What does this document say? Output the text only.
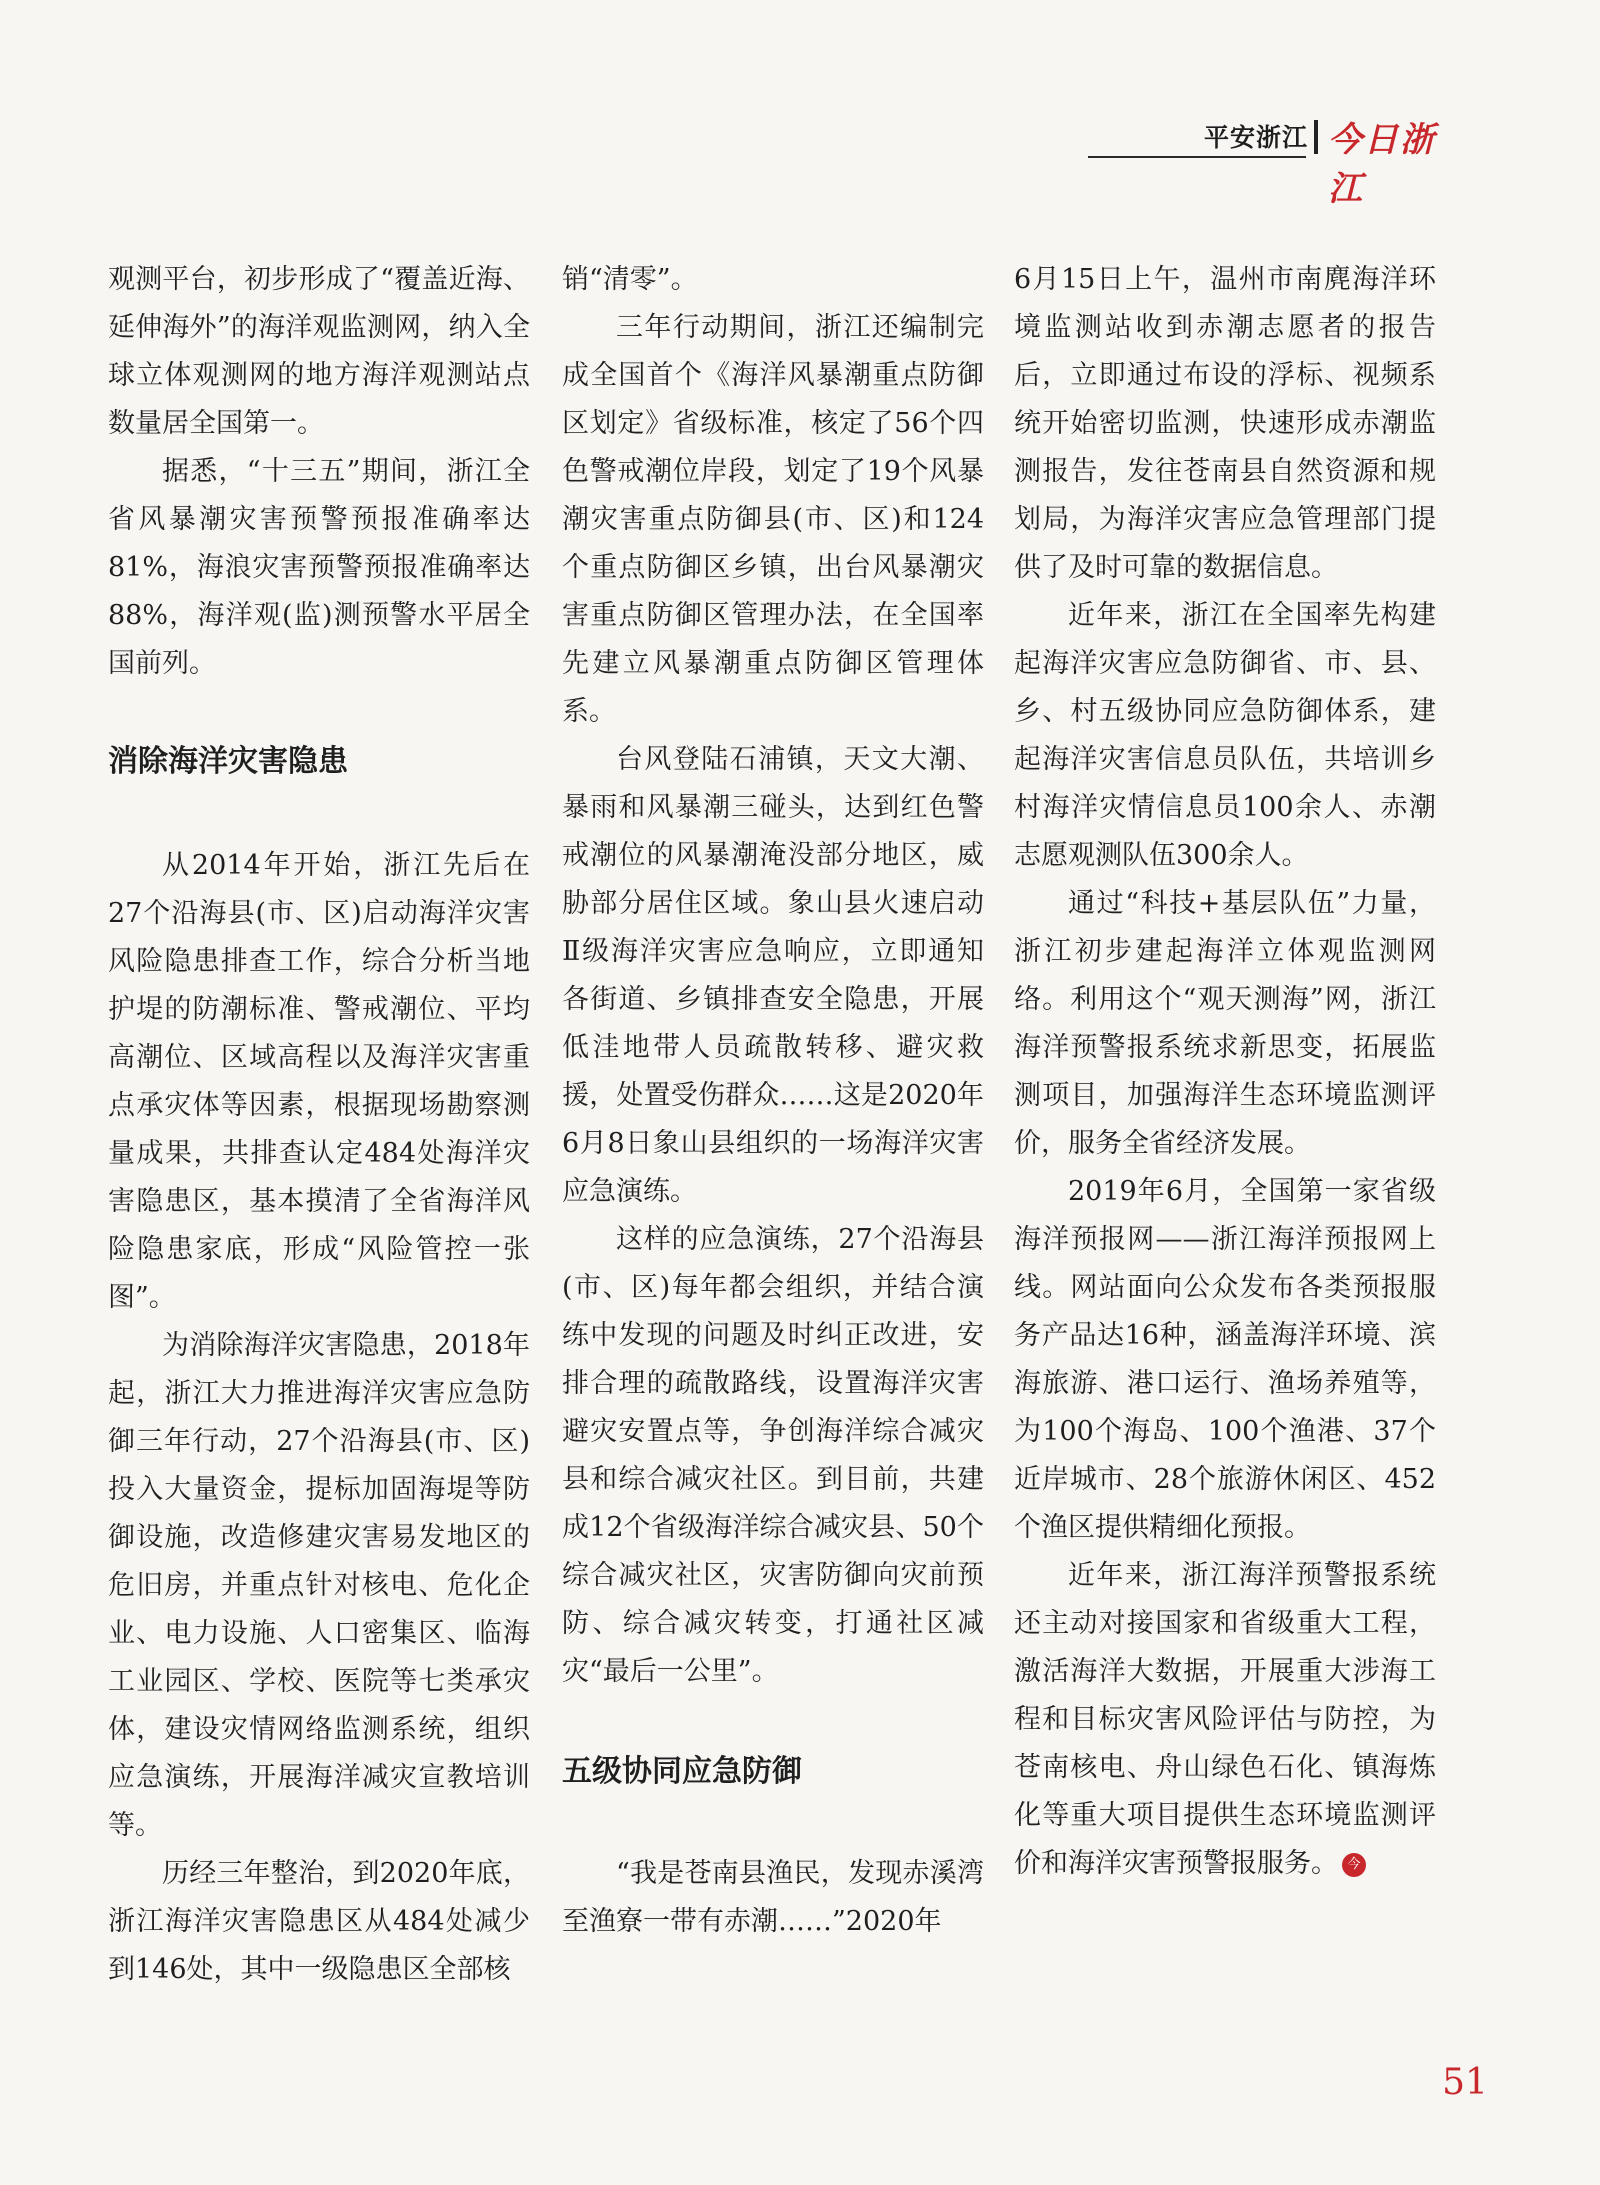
平安浙江 今日浙江

观测平台，初步形成了“覆盖近海、延伸海外”的海洋观监测网，纳入全球立体观测网的地方海洋观测站点数量居全国第一。

据悉，“十三五”期间，浙江全省风暴潮灾害预警预报准确率达81%，海浪灾害预警预报准确率达88%，海洋观(监)测预警水平居全国前列。

消除海洋灾害隐患

从2014年开始，浙江先后在27个沿海县(市、区)启动海洋灾害风险隐患排查工作，综合分析当地护堤的防潮标准、警戒潮位、平均高潮位、区域高程以及海洋灾害重点承灾体等因素，根据现场勘察测量成果，共排查认定484处海洋灾害隐患区，基本摸清了全省海洋风险隐患家底，形成“风险管控一张图”。

为消除海洋灾害隐患，2018年起，浙江大力推进海洋灾害应急防御三年行动，27个沿海县(市、区)投入大量资金，提标加固海堤等防御设施，改造修建灾害易发地区的危旧房，并重点针对核电、危化企业、电力设施、人口密集区、临海工业园区、学校、医院等七类承灾体，建设灾情网络监测系统，组织应急演练，开展海洋减灾宣教培训等。

历经三年整治，到2020年底，浙江海洋灾害隐患区从484处减少到146处，其中一级隐患区全部核

销“清零”。

三年行动期间，浙江还编制完成全国首个《海洋风暴潮重点防御区划定》省级标准，核定了56个四色警戒潮位岸段，划定了19个风暴潮灾害重点防御县(市、区)和124个重点防御区乡镇，出台风暴潮灾害重点防御区管理办法，在全国率先建立风暴潮重点防御区管理体系。

台风登陆石浦镇，天文大潮、暴雨和风暴潮三碰头，达到红色警戒潮位的风暴潮淹没部分地区，威胁部分居住区域。象山县火速启动Ⅱ级海洋灾害应急响应，立即通知各街道、乡镇排查安全隐患，开展低洼地带人员疏散转移、避灾救援，处置受伤群众……这是2020年6月8日象山县组织的一场海洋灾害应急演练。

这样的应急演练，27个沿海县(市、区)每年都会组织，并结合演练中发现的问题及时纠正改进，安排合理的疏散路线，设置海洋灾害避灾安置点等，争创海洋综合减灾县和综合减灾社区。到目前，共建成12个省级海洋综合减灾县、50个综合减灾社区，灾害防御向灾前预防、综合减灾转变，打通社区减灾“最后一公里”。

五级协同应急防御

“我是苍南县渔民，发现赤溪湾至渔寮一带有赤潮……”2020年

6月15日上午，温州市南麂海洋环境监测站收到赤潮志愿者的报告后，立即通过布设的浮标、视频系统开始密切监测，快速形成赤潮监测报告，发往苍南县自然资源和规划局，为海洋灾害应急管理部门提供了及时可靠的数据信息。

近年来，浙江在全国率先构建起海洋灾害应急防御省、市、县、乡、村五级协同应急防御体系，建起海洋灾害信息员队伍，共培训乡村海洋灾情信息员100余人、赤潮志愿观测队伍300余人。

通过“科技+基层队伍”力量，浙江初步建起海洋立体观监测网络。利用这个“观天测海”网，浙江海洋预警报系统求新思变，拓展监测项目，加强海洋生态环境监测评价，服务全省经济发展。

2019年6月，全国第一家省级海洋预报网——浙江海洋预报网上线。网站面向公众发布各类预报服务产品达16种，涵盖海洋环境、滨海旅游、港口运行、渔场养殖等，为100个海岛、100个渔港、37个近岸城市、28个旅游休闲区、452个渔区提供精细化预报。

近年来，浙江海洋预警报系统还主动对接国家和省级重大工程，激活海洋大数据，开展重大涉海工程和目标灾害风险评估与防控，为苍南核电、舟山绿色石化、镇海炼化等重大项目提供生态环境监测评价和海洋灾害预警报服务。 今

51
